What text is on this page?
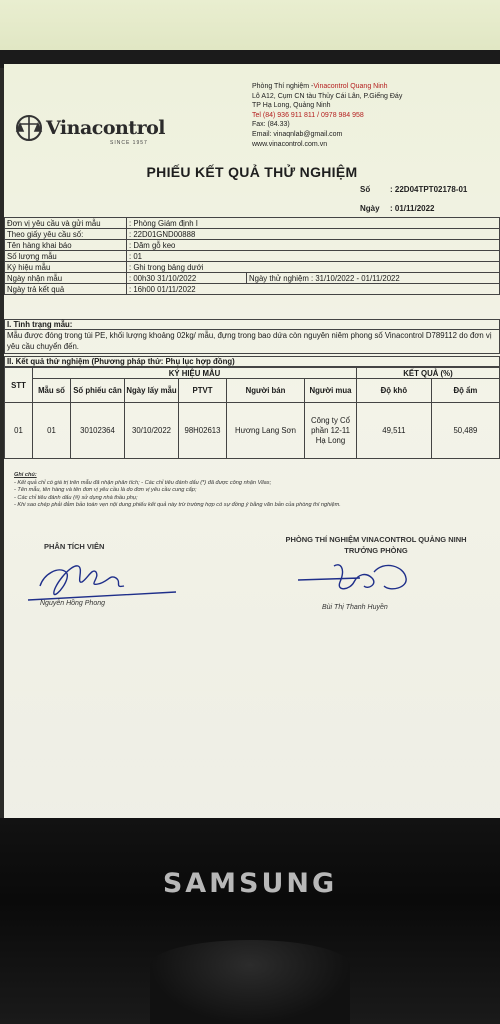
Vinacontrol
SINCE 1957
Phòng Thí nghiệm -Vinacontrol Quang Ninh
Lô A12, Cụm CN tàu Thủy Cái Lân, P.Giếng Đáy
TP Hạ Long, Quảng Ninh
Tel (84) 936 911 811 / 0978 984 958
Fax: (84.33)
Email: vinaqnlab@gmail.com
www.vinacontrol.com.vn
PHIẾU KẾT QUẢ THỬ NGHIỆM
Số : 22D04TPT02178-01
Ngày : 01/11/2022
Đơn vị yêu cầu và gửi mẫu	: Phòng Giám định I	
Theo giấy yêu cầu số:	: 22D01GND00888	
Tên hàng khai báo	: Dăm gỗ keo	
Số lượng mẫu	: 01	
Ký hiệu mẫu	: Ghi trong bảng dưới	
Ngày nhận mẫu	: 00h30 31/10/2022	Ngày thử nghiệm : 31/10/2022 - 01/11/2022
Ngày trả kết quả	: 16h00 01/11/2022	
I. Tình trạng mẫu:
Mẫu được đóng trong túi PE, khối lượng khoảng 02kg/ mẫu, đựng trong bao dứa còn nguyên niêm phong số Vinacontrol D789112 do đơn vị yêu cầu chuyển đến.
II. Kết quả thử nghiệm (Phương pháp thử: Phụ lục hợp đồng)
STT	KÝ HIỆU MẪU						KẾT QUẢ (%)	
	Mẫu số	Số phiếu cân	Ngày lấy mẫu	PTVT	Người bán	Người mua	Độ khô	Độ ẩm
01	01	30102364	30/10/2022	98H02613	Hương Lang Sơn	Công ty Cổ phần 12-11 Hạ Long	49,511	50,489
Ghi chú:
- Kết quả chỉ có giá trị trên mẫu đã nhận phân tích; - Các chỉ tiêu đánh dấu (*) đã được công nhận Vilas;
- Tên mẫu, tên hàng và tên đơn vị yêu cầu là do đơn vị yêu cầu cung cấp;
- Các chỉ tiêu đánh dấu (#) sử dụng nhà thầu phụ;
- Khi sao chép phải đảm bảo toàn vẹn nội dung phiếu kết quả này trừ trường hợp có sự đồng ý bằng văn bản của phòng thí nghiệm.
PHÂN TÍCH VIÊN
PHÒNG THÍ NGHIỆM VINACONTROL QUẢNG NINH
TRƯỞNG PHÒNG
Nguyễn Hồng Phong
Bùi Thị Thanh Huyền
SAMSUNG
